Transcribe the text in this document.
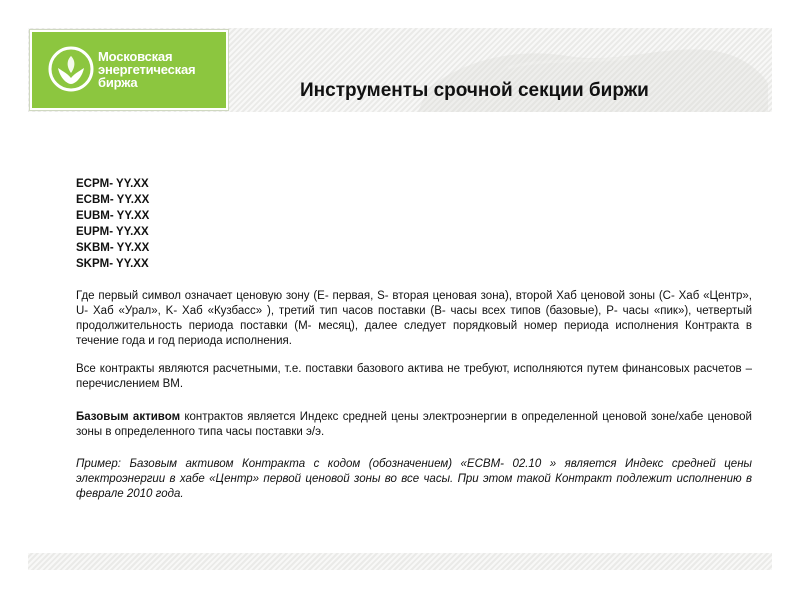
Московская
энергетическая
биржа	Инструменты срочной секции биржи
ECPM- YY.XX
ECBM- YY.XX
EUBM- YY.XX
EUPM- YY.XX
SKBM- YY.XX
SKPM- YY.XX

Где первый символ означает ценовую зону (E- первая, S- вторая ценовая зона), второй Хаб ценовой зоны (C- Хаб «Центр», U- Хаб «Урал», K- Хаб «Кузбасс» ), третий тип часов поставки (B- часы всех типов (базовые), P- часы «пик»), четвертый продолжительность периода поставки (M- месяц), далее следует порядковый номер периода исполнения Контракта в течение года и год периода исполнения.

Все контракты являются расчетными, т.е. поставки базового актива не требуют, исполняются путем финансовых расчетов – перечислением ВМ.

Базовым активом контрактов является Индекс средней цены электроэнергии в определенной ценовой зоне/хабе ценовой зоны в определенного типа часы поставки э/э.

Пример: Базовым активом Контракта с кодом (обозначением) «ECBM- 02.10 » является Индекс средней цены электроэнергии в хабе «Центр» первой ценовой зоны во все часы. При этом такой Контракт подлежит исполнению в феврале 2010 года.
